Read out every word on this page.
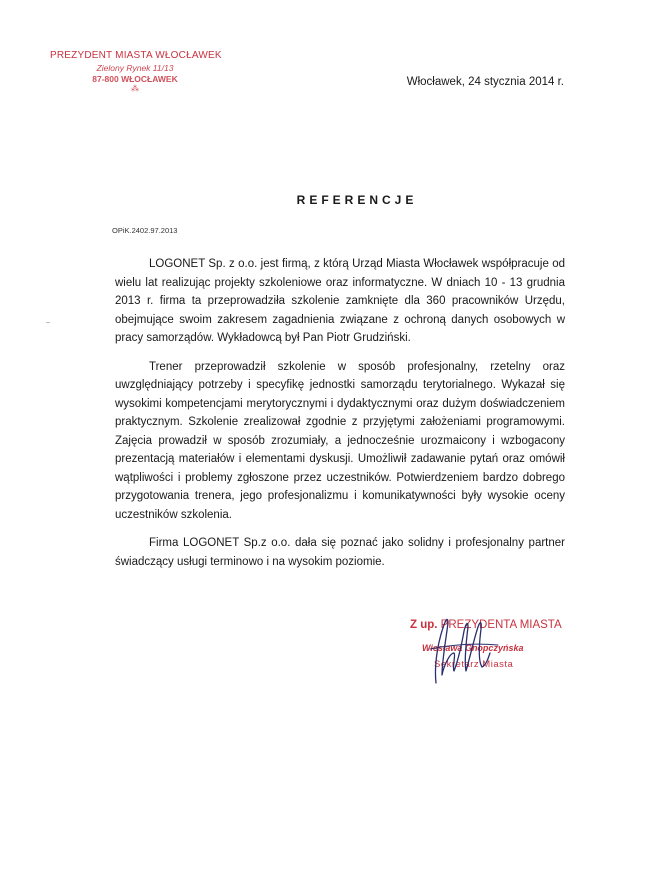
PREZYDENT MIASTA WŁOCŁAWEK
Zielony Rynek 11/13
87-800 WŁOCŁAWEK
⁂
Włocławek, 24 stycznia 2014 r.
REFERENCJE
OPiK.2402.97.2013

LOGONET Sp. z o.o. jest firmą, z którą Urząd Miasta Włocławek współpracuje od wielu lat realizując projekty szkoleniowe oraz informatyczne. W dniach 10 - 13 grudnia 2013 r. firma ta przeprowadziła szkolenie zamknięte dla 360 pracowników Urzędu, obejmujące swoim zakresem zagadnienia związane z ochroną danych osobowych w pracy samorządów. Wykładowcą był Pan Piotr Grudziński.

Trener przeprowadził szkolenie w sposób profesjonalny, rzetelny oraz uwzględniający potrzeby i specyfikę jednostki samorządu terytorialnego. Wykazał się wysokimi kompetencjami merytorycznymi i dydaktycznymi oraz dużym doświadczeniem praktycznym. Szkolenie zrealizował zgodnie z przyjętymi założeniami programowymi. Zajęcia prowadził w sposób zrozumiały, a jednocześnie urozmaicony i wzbogacony prezentacją materiałów i elementami dyskusji. Umożliwił zadawanie pytań oraz omówił wątpliwości i problemy zgłoszone przez uczestników. Potwierdzeniem bardzo dobrego przygotowania trenera, jego profesjonalizmu i komunikatywności były wysokie oceny uczestników szkolenia.

Firma LOGONET Sp.z o.o. dała się poznać jako solidny i profesjonalny partner świadczący usługi terminowo i na wysokim poziomie.

Z up. PREZYDENTA MIASTA
Wiesława Gnopczyńska
Sekretarz Miasta
